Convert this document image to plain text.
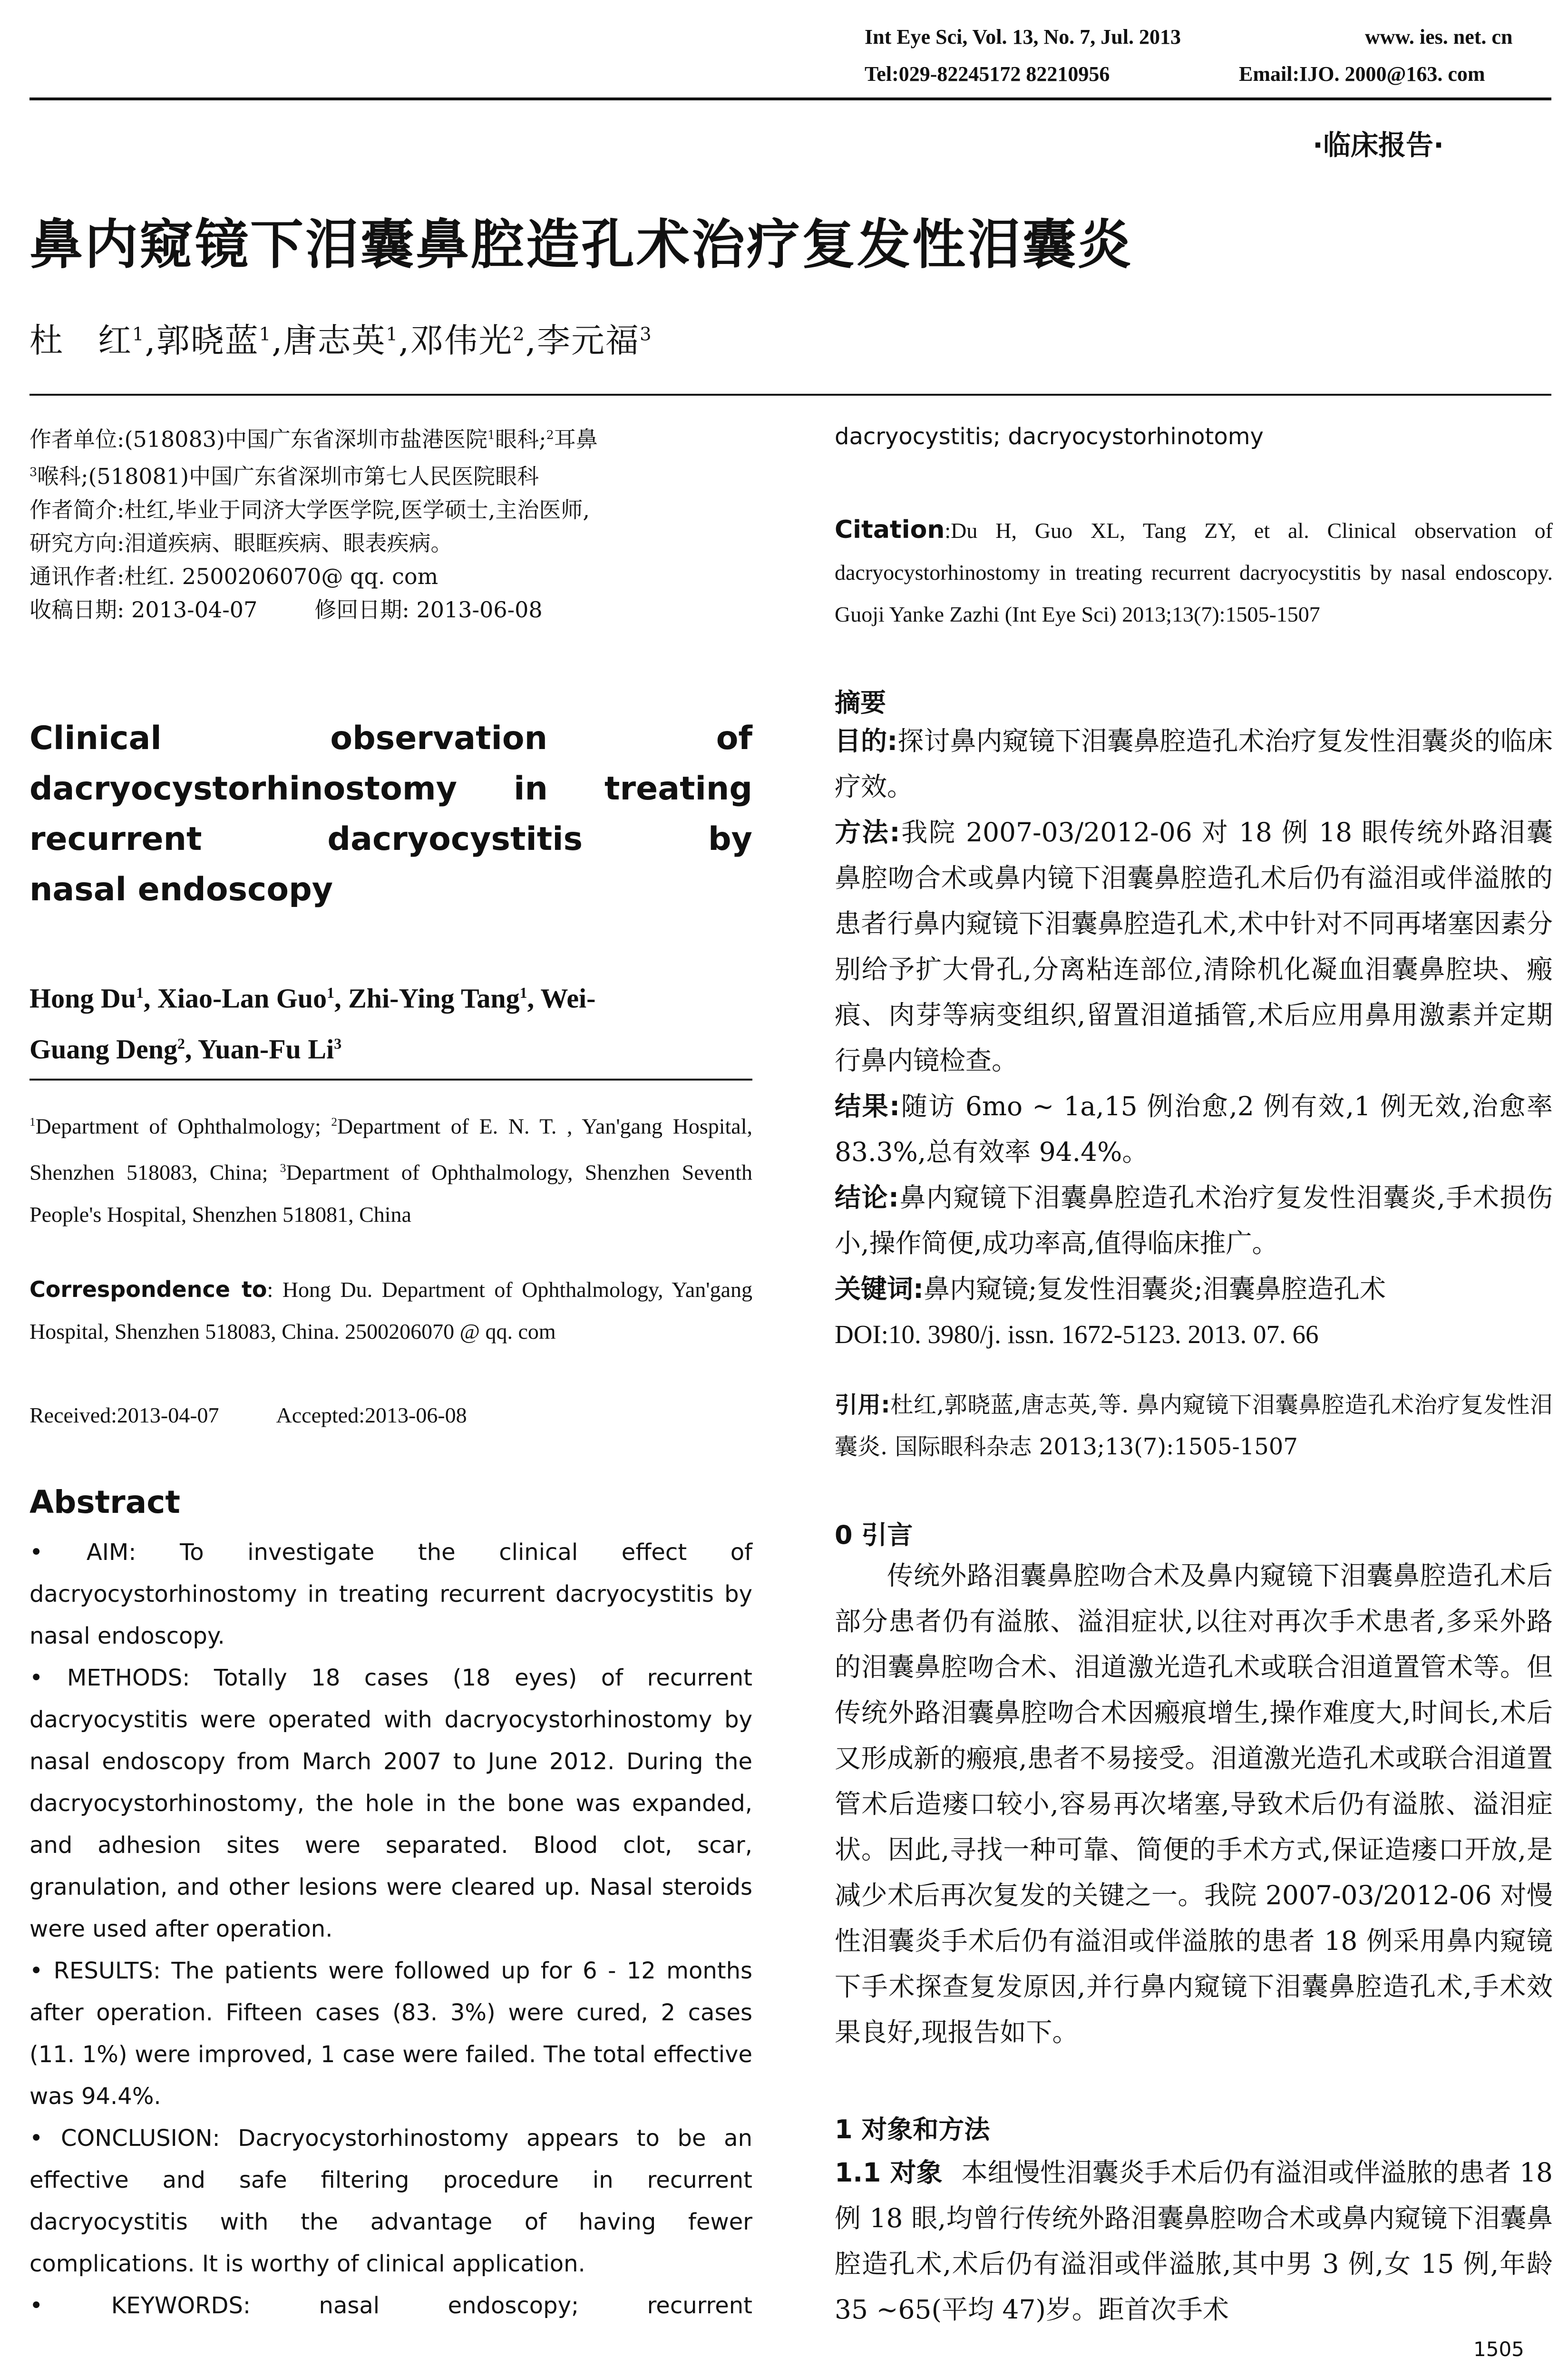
Int Eye Sci, Vol. 13, No. 7, Jul. 2013	www. ies. net. cn
Tel:029-82245172 82210956	Email:IJO. 2000@163. com
·临床报告·
鼻内窥镜下泪囊鼻腔造孔术治疗复发性泪囊炎
杜　红$^1$,郭晓蓝$^1$,唐志英$^1$,邓伟光$^2$,李元福$^3$
作者单位:(518083)中国广东省深圳市盐港医院$^1$眼科;$^2$耳鼻
$^3$喉科;(518081)中国广东省深圳市第七人民医院眼科
作者简介:杜红,毕业于同济大学医学院,医学硕士,主治医师,
研究方向:泪道疾病、眼眶疾病、眼表疾病。
通讯作者:杜红. 2500206070@ qq. com
收稿日期: 2013-04-07	修回日期: 2013-06-08
Clinical observation of
dacryocystorhinostomy in treating
recurrent dacryocystitis by
nasal endoscopy
Hong Du$^1$, Xiao-Lan Guo$^1$, Zhi-Ying Tang$^1$, Wei-
Guang Deng$^2$, Yuan-Fu Li$^3$
$^1$Department of Ophthalmology; $^2$Department of E. N. T. , Yan'gang Hospital, Shenzhen 518083, China; $^3$Department of Ophthalmology, Shenzhen Seventh People's Hospital, Shenzhen 518081, China
Correspondence to: Hong Du. Department of Ophthalmology, Yan'gang Hospital, Shenzhen 518083, China. 2500206070 @ qq. com
Received:2013-04-07	Accepted:2013-06-08
Abstract

• AIM: To investigate the clinical effect of dacryocystorhinostomy in treating recurrent dacryocystitis by nasal endoscopy.

• METHODS: Totally 18 cases (18 eyes) of recurrent dacryocystitis were operated with dacryocystorhinostomy by nasal endoscopy from March 2007 to June 2012. During the dacryocystorhinostomy, the hole in the bone was expanded, and adhesion sites were separated. Blood clot, scar, granulation, and other lesions were cleared up. Nasal steroids were used after operation.

• RESULTS: The patients were followed up for 6 - 12 months after operation. Fifteen cases (83. 3%) were cured, 2 cases (11. 1%) were improved, 1 case were failed. The total effective was 94.4%.

• CONCLUSION: Dacryocystorhinostomy appears to be an effective and safe filtering procedure in recurrent dacryocystitis with the advantage of having fewer complications. It is worthy of clinical application.

• KEYWORDS: nasal endoscopy; recurrent

dacryocystitis; dacryocystorhinotomy
Citation:Du H, Guo XL, Tang ZY, et al. Clinical observation of dacryocystorhinostomy in treating recurrent dacryocystitis by nasal endoscopy. Guoji Yanke Zazhi (Int Eye Sci) 2013;13(7):1505-1507
摘要

目的:探讨鼻内窥镜下泪囊鼻腔造孔术治疗复发性泪囊炎的临床疗效。

方法:我院 2007-03/2012-06 对 18 例 18 眼传统外路泪囊鼻腔吻合术或鼻内镜下泪囊鼻腔造孔术后仍有溢泪或伴溢脓的患者行鼻内窥镜下泪囊鼻腔造孔术,术中针对不同再堵塞因素分别给予扩大骨孔,分离粘连部位,清除机化凝血泪囊鼻腔块、瘢痕、肉芽等病变组织,留置泪道插管,术后应用鼻用激素并定期行鼻内镜检查。

结果:随访 6mo ~ 1a,15 例治愈,2 例有效,1 例无效,治愈率 83.3%,总有效率 94.4%。

结论:鼻内窥镜下泪囊鼻腔造孔术治疗复发性泪囊炎,手术损伤小,操作简便,成功率高,值得临床推广。

关键词:鼻内窥镜;复发性泪囊炎;泪囊鼻腔造孔术

DOI:10. 3980/j. issn. 1672-5123. 2013. 07. 66

引用:杜红,郭晓蓝,唐志英,等. 鼻内窥镜下泪囊鼻腔造孔术治疗复发性泪囊炎. 国际眼科杂志 2013;13(7):1505-1507
0 引言

传统外路泪囊鼻腔吻合术及鼻内窥镜下泪囊鼻腔造孔术后部分患者仍有溢脓、溢泪症状,以往对再次手术患者,多采外路的泪囊鼻腔吻合术、泪道激光造孔术或联合泪道置管术等。但传统外路泪囊鼻腔吻合术因瘢痕增生,操作难度大,时间长,术后又形成新的瘢痕,患者不易接受。泪道激光造孔术或联合泪道置管术后造瘘口较小,容易再次堵塞,导致术后仍有溢脓、溢泪症状。因此,寻找一种可靠、简便的手术方式,保证造瘘口开放,是减少术后再次复发的关键之一。我院 2007-03/2012-06 对慢性泪囊炎手术后仍有溢泪或伴溢脓的患者 18 例采用鼻内窥镜下手术探查复发原因,并行鼻内窥镜下泪囊鼻腔造孔术,手术效果良好,现报告如下。

1 对象和方法

1.1 对象 本组慢性泪囊炎手术后仍有溢泪或伴溢脓的患者 18 例 18 眼,均曾行传统外路泪囊鼻腔吻合术或鼻内窥镜下泪囊鼻腔造孔术,术后仍有溢泪或伴溢脓,其中男 3 例,女 15 例,年龄 35 ~65(平均 47)岁。距首次手术

1505
